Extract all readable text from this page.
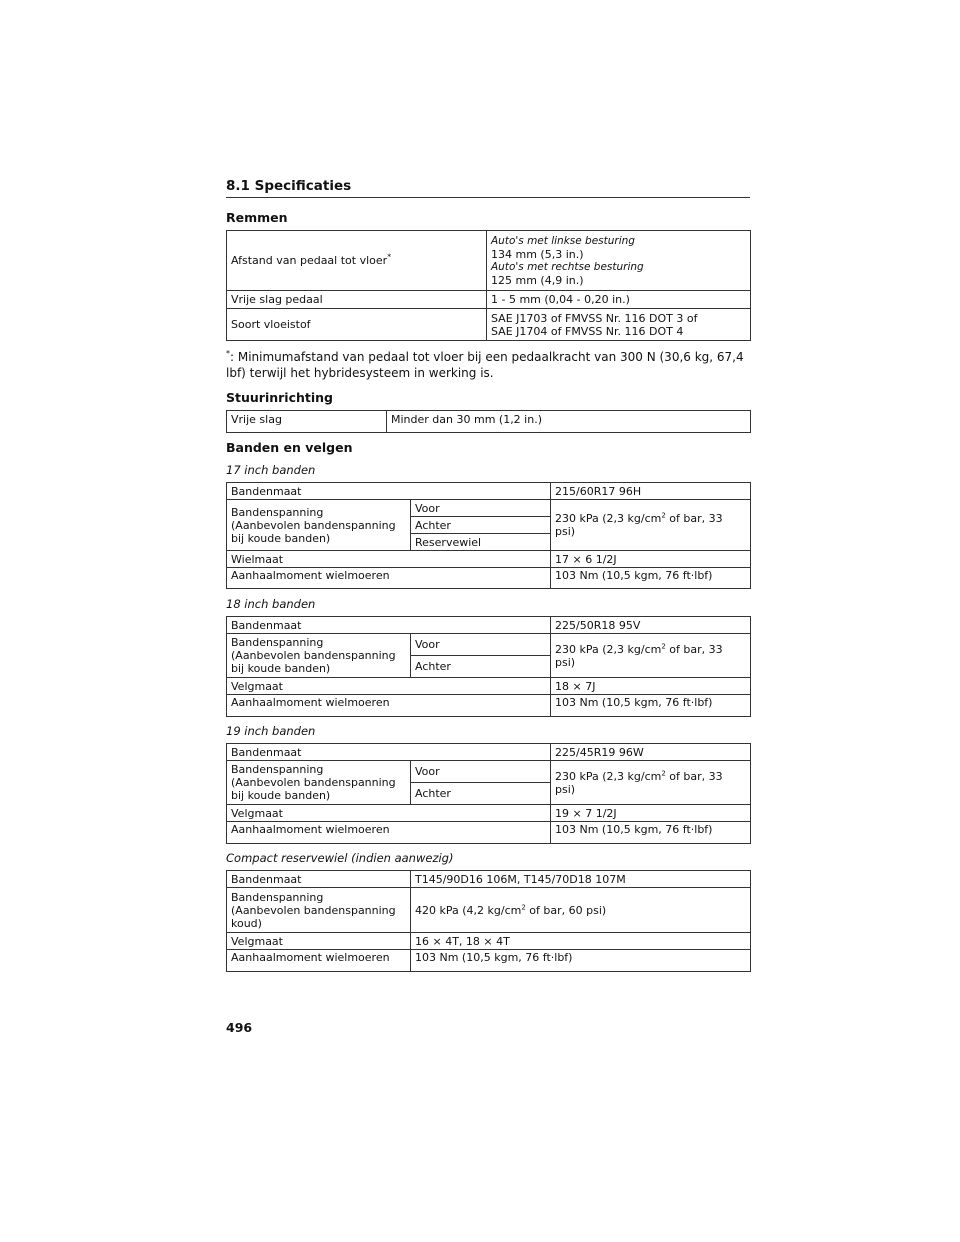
8.1 Specificaties
Remmen
Afstand van pedaal tot vloer*	Auto's met linkse besturing
134 mm (5,3 in.)
Auto's met rechtse besturing
125 mm (4,9 in.)

Vrije slag pedaal	1 - 5 mm (0,04 - 0,20 in.)
Soort vloeistof	SAE J1703 of FMVSS Nr. 116 DOT 3 of
SAE J1704 of FMVSS Nr. 116 DOT 4
*: Minimumafstand van pedaal tot vloer bij een pedaalkracht van 300 N (30,6 kg, 67,4 lbf) terwijl het hybridesysteem in werking is.
Stuurinrichting
Vrije slag	Minder dan 30 mm (1,2 in.)
Banden en velgen
17 inch banden
Bandenmaat		215/60R17 96H

Bandenspanning
(Aanbevolen bandenspanning
bij koude banden)	Voor	230 kPa (2,3 $kg/cm^2$ of bar, 33 psi)
	Achter	
	Reservewiel	
Wielmaat		17 × 6 1/2J
Aanhaalmoment wielmoeren		103 Nm (10,5 kgm, 76 ft·lbf)
18 inch banden
Bandenmaat		225/50R18 95V

Bandenspanning
(Aanbevolen bandenspanning
bij koude banden)	Voor	230 kPa (2,3 $kg/cm^2$ of bar, 33 psi)
	Achter	
Velgmaat		18 × 7J
Aanhaalmoment wielmoeren		103 Nm (10,5 kgm, 76 ft·lbf)
19 inch banden
Bandenmaat		225/45R19 96W

Bandenspanning
(Aanbevolen bandenspanning
bij koude banden)	Voor	230 kPa (2,3 $kg/cm^2$ of bar, 33 psi)
	Achter	
Velgmaat		19 × 7 1/2J
Aanhaalmoment wielmoeren		103 Nm (10,5 kgm, 76 ft·lbf)
Compact reservewiel (indien aanwezig)
Bandenmaat	T145/90D16 106M, T145/70D18 107M

Bandenspanning
(Aanbevolen bandenspanning
koud)	420 kPa (4,2 $kg/cm^2$ of bar, 60 psi)
Velgmaat	16 × 4T, 18 × 4T
Aanhaalmoment wielmoeren	103 Nm (10,5 kgm, 76 ft·lbf)
496
